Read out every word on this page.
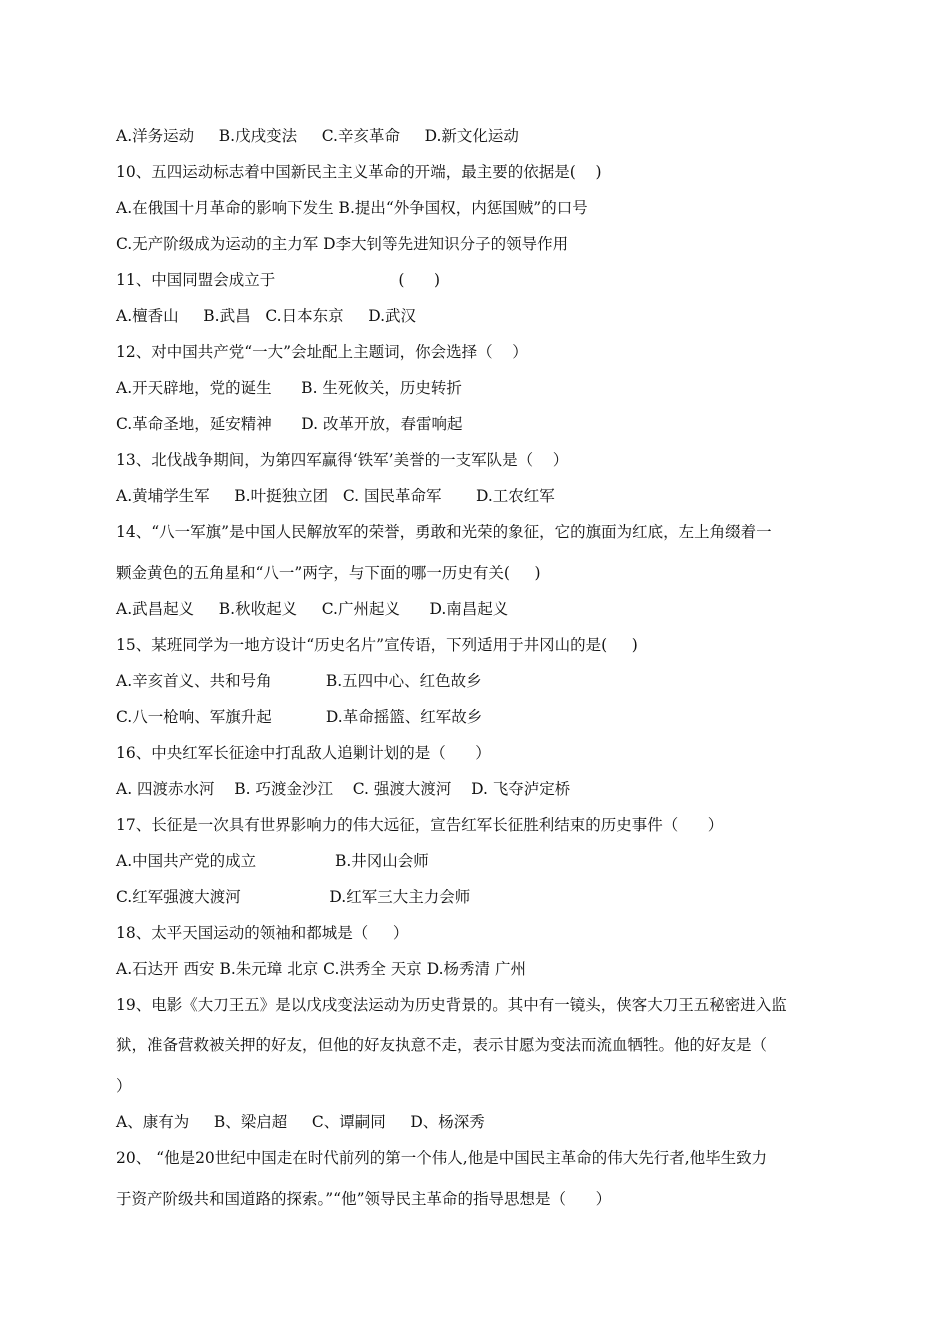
A.洋务运动     B.戊戌变法     C.辛亥革命     D.新文化运动
10、五四运动标志着中国新民主主义革命的开端，最主要的依据是(    )
A.在俄国十月革命的影响下发生 B.提出“外争国权，内惩国贼”的口号
C.无产阶级成为运动的主力军 D李大钊等先进知识分子的领导作用
11、中国同盟会成立于                         (      )
A.檀香山     B.武昌   C.日本东京     D.武汉
12、对中国共产党“一大”会址配上主题词，你会选择（    ）
A.开天辟地，党的诞生      B. 生死攸关，历史转折
C.革命圣地，延安精神      D. 改革开放，春雷响起
13、北伐战争期间，为第四军赢得‘铁军’美誉的一支军队是（    ）
A.黄埔学生军     B.叶挺独立团   C. 国民革命军       D.工农红军
14、“八一军旗”是中国人民解放军的荣誉，勇敢和光荣的象征，它的旗面为红底，左上角缀着一
颗金黄色的五角星和“八一”两字，与下面的哪一历史有关(     )
A.武昌起义     B.秋收起义     C.广州起义      D.南昌起义
15、某班同学为一地方设计“历史名片”宣传语，下列适用于井冈山的是(     )
A.辛亥首义、共和号角           B.五四中心、红色故乡
C.八一枪响、军旗升起           D.革命摇篮、红军故乡
16、中央红军长征途中打乱敌人追剿计划的是（      ）
A. 四渡赤水河    B. 巧渡金沙江    C. 强渡大渡河    D. 飞夺泸定桥
17、长征是一次具有世界影响力的伟大远征，宣告红军长征胜利结束的历史事件（      ）
A.中国共产党的成立                B.井冈山会师
C.红军强渡大渡河                  D.红军三大主力会师
18、太平天国运动的领袖和都城是（     ）
A.石达开 西安 B.朱元璋 北京 C.洪秀全 天京 D.杨秀清 广州
19、电影《大刀王五》是以戊戌变法运动为历史背景的。其中有一镜头，侠客大刀王五秘密进入监
狱，准备营救被关押的好友，但他的好友执意不走，表示甘愿为变法而流血牺牲。他的好友是（
）
A、康有为     B、梁启超     C、谭嗣同     D、杨深秀
20、 “他是20世纪中国走在时代前列的第一个伟人,他是中国民主革命的伟大先行者,他毕生致力
于资产阶级共和国道路的探索。”“他”领导民主革命的指导思想是（      ）
